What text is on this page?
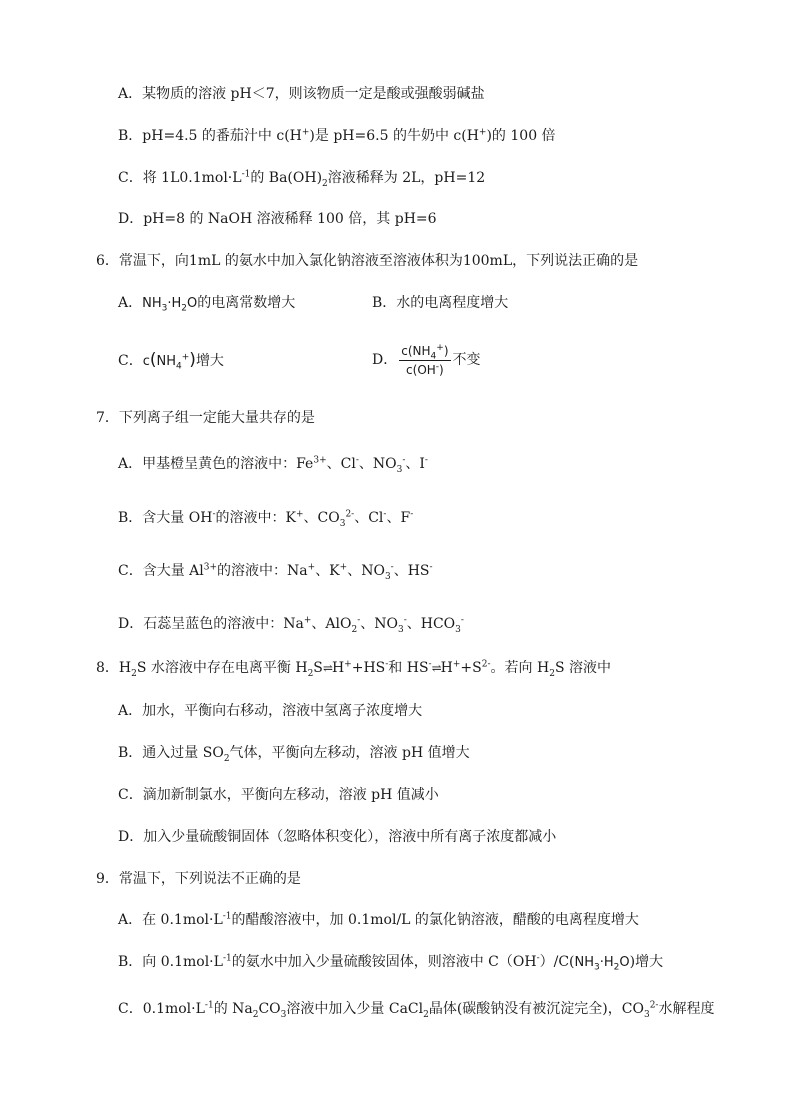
A．某物质的溶液 pH＜7，则该物质一定是酸或强酸弱碱盐
B．pH=4.5 的番茄汁中 c(H+)是 pH=6.5 的牛奶中 c(H+)的 100 倍
C．将 $1L0.1mol\cdot L^{-1}$的 $Ba(OH)_2$溶液稀释为 2L，pH=12
D．pH=8 的 NaOH 溶液稀释 100 倍，其 pH=6
6．常温下，向1mL 的氨水中加入氯化钠溶液至溶液体积为100mL，下列说法正确的是
A．$NH_3\cdot H_2O$的电离常数增大	B．水的电离程度增大
C．$c(NH_4^+)$增大	D． $\frac{c(NH_4^+)}{c(OH^-)}$ 不变
7．下列离子组一定能大量共存的是
A．甲基橙呈黄色的溶液中：$Fe^{3+}$、Cl-、$NO_3^-$、I-
B．含大量 OH-的溶液中：K+、$CO_3^{2-}$、Cl-、F-
C．含大量 $Al^{3+}$的溶液中：Na+、K+、$NO_3^-$、HS-
D．石蕊呈蓝色的溶液中：Na+、AlO$_2$-、$NO_3^-$、$HCO_3^-$
8．$H_2S$ 水溶液中存在电离平衡 $H_2S\rightleftharpoons H^++HS^-$和 $HS^-\rightleftharpoons H^++S^{2-}$。若向 $H_2S$ 溶液中
A．加水，平衡向右移动，溶液中氢离子浓度增大
B．通入过量 $SO_2$气体，平衡向左移动，溶液 pH 值增大
C．滴加新制氯水，平衡向左移动，溶液 pH 值减小
D．加入少量硫酸铜固体（忽略体积变化），溶液中所有离子浓度都减小
9．常温下，下列说法不正确的是
A．在 $0.1mol\cdot L^{-1}$的醋酸溶液中，加 0.1mol/L 的氯化钠溶液，醋酸的电离程度增大
B．向 $0.1mol\cdot L^{-1}$的氨水中加入少量硫酸铵固体，则溶液中 $C(OH^-)/C(NH_3\cdot H_2O)$增大
C．$0.1mol\cdot L^{-1}$的 $Na_2CO_3$溶液中加入少量 CaCl$_2$晶体(碳酸钠没有被沉淀完全)，$CO_3^{2-}$水解程度
